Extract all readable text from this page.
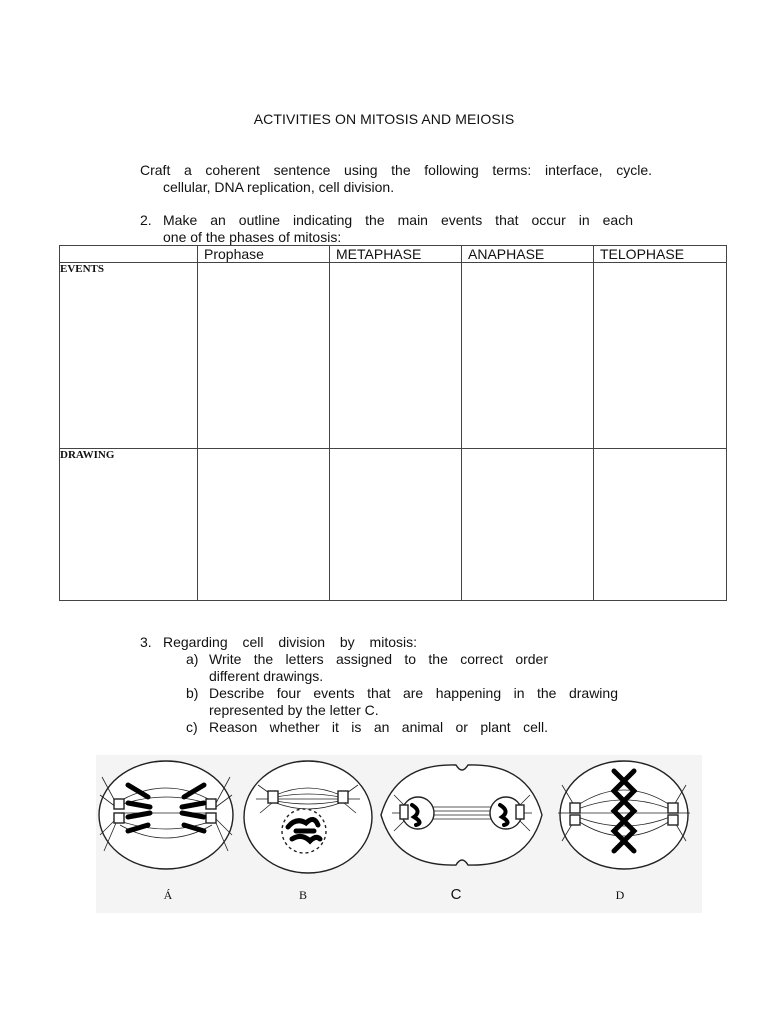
ACTIVITIES ON MITOSIS AND MEIOSIS
Craft a coherent sentence using the following terms: interface, cycle.
cellular, DNA replication, cell division.
2. Make an outline indicating the main events that occur in each
one of the phases of mitosis:
	Prophase	METAPHASE	ANAPHASE	TELOPHASE
EVENTS				
DRAWING				
3. Regarding cell division by mitosis:
a) Write the letters assigned to the correct order
different drawings.
b) Describe four events that are happening in the drawing
represented by the letter C.
c) Reason whether it is an animal or plant cell.
Á	B	C	D
